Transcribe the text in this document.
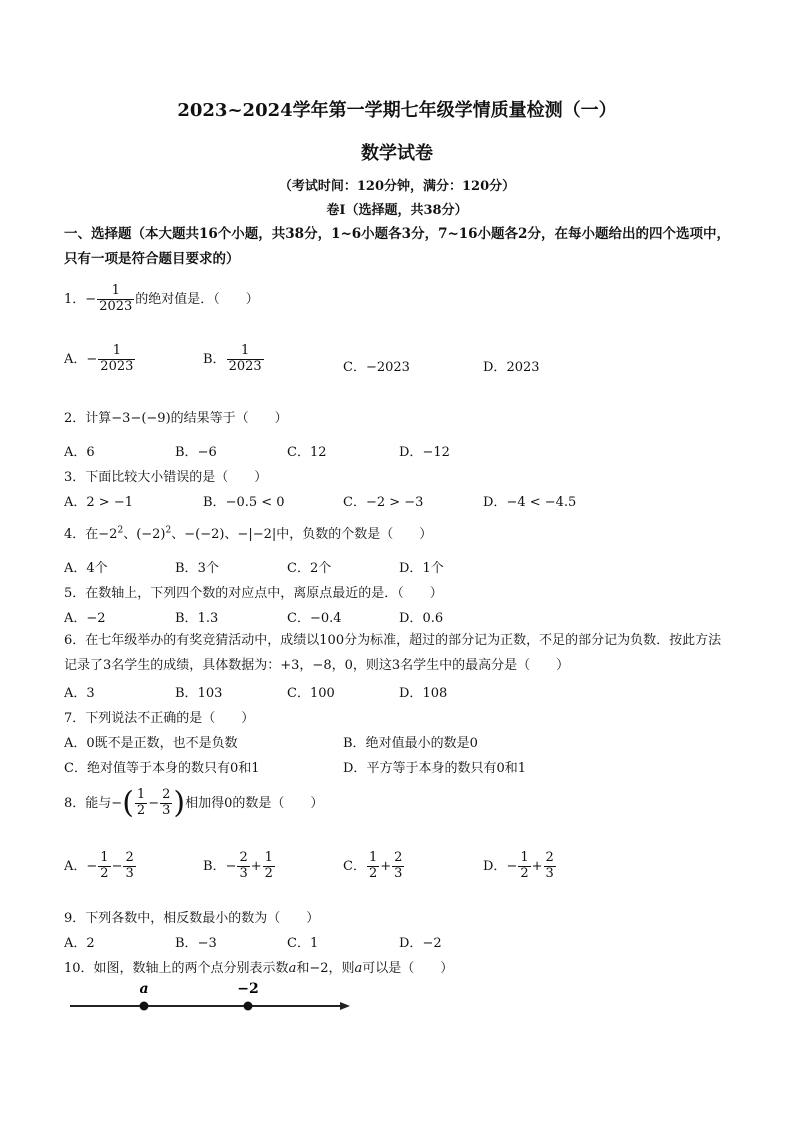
2023~2024学年第一学期七年级学情质量检测（一）
数学试卷
（考试时间：120分钟，满分：120分）
卷Ⅰ（选择题，共38分）
一、选择题（本大题共16个小题，共38分，1~6小题各3分，7~16小题各2分，在每小题给出的四个选项中，只有一项是符合题目要求的）
1．− $\frac{1}{2023}$ 的绝对值是．（　　）
A．− $\frac{1}{2023}$	B． $\frac{1}{2023}$	C．−2023	D．2023
2．计算−3−(−9)的结果等于（　　）
A．6	B．−6	C．12	D．−12
3．下面比较大小错误的是（　　）
A．2 > −1	B．−0.5 < 0	C．−2 > −3	D．−4 < −4.5
4．在$-2^2$、$(-2)^2$、−(−2)、−|−2|中，负数的个数是（　　）
A．4个	B．3个	C．2个	D．1个
5．在数轴上，下列四个数的对应点中，离原点最近的是．（　　）
A．−2	B．1.3	C．−0.4	D．0.6
6．在七年级举办的有奖竞猜活动中，成绩以100分为标准，超过的部分记为正数，不足的部分记为负数．按此方法记录了3名学生的成绩，具体数据为：+3，−8，0，则这3名学生中的最高分是（　　）
A．3	B．103	C．100	D．108
7．下列说法不正确的是（　　）
A．0既不是正数，也不是负数	B．绝对值最小的数是0
C．绝对值等于本身的数只有0和1	D．平方等于本身的数只有0和1
8．能与−( $\frac{1}{2} - \frac{2}{3}$ )相加得0的数是（　　）
A．− $\frac{1}{2} - \frac{2}{3}$	B．− $\frac{2}{3} + \frac{1}{2}$	C． $\frac{1}{2} + \frac{2}{3}$	D．− $\frac{1}{2} + \frac{2}{3}$
9．下列各数中，相反数最小的数为（　　）
A．2	B．−3	C．1	D．−2
10．如图，数轴上的两个点分别表示数a和−2，则a可以是（　　）
a	−2
